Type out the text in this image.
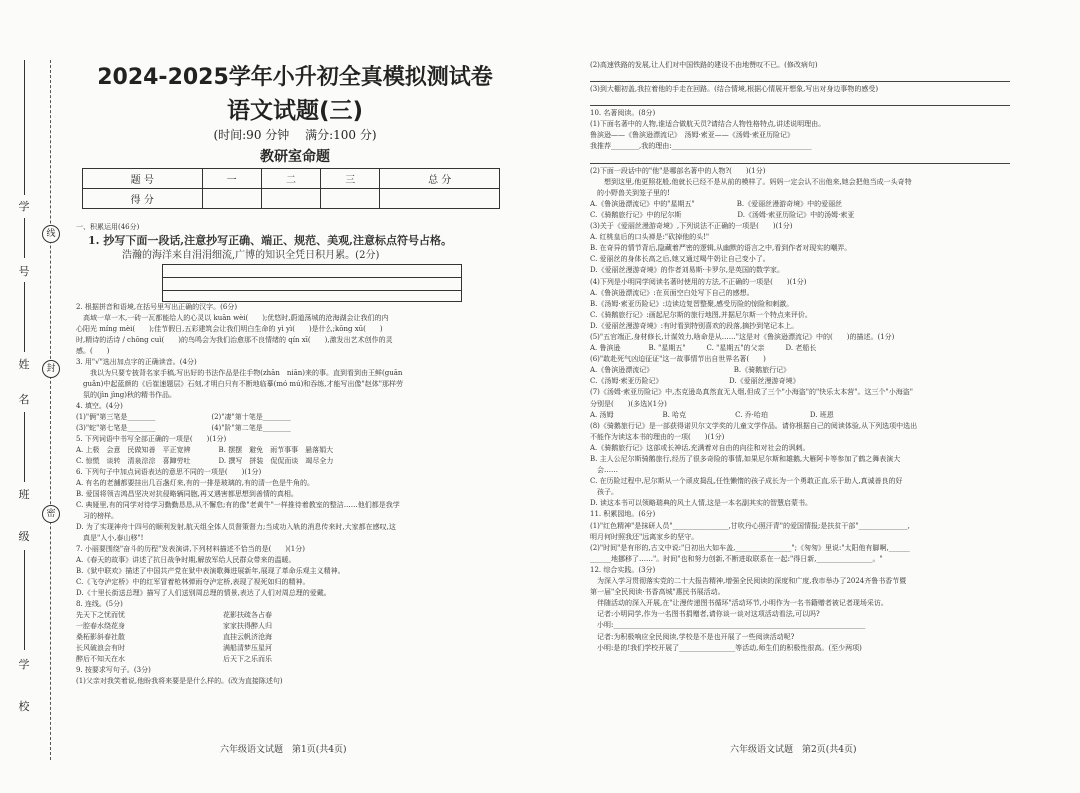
学
号
线
姓
名
封
班
级
密
学
校
2024-2025学年小升初全真模拟测试卷
语文试题(三)
(时间:90 分钟　 满分:100 分)
教研室命题
题 号	一	二	三	总 分
得 分				

一、积累运用(46分)

1. 抄写下面一段话,注意抄写正确、端正、规范、美观,注意标点符号占格。

浩瀚的海洋来自涓涓细流,广博的知识全凭日积月累。(2分)

2. 根据拼音和语境,在括号里写出正确的汉字。(6分)

　高域一草一木,一砖一瓦都能给人的心灵以 kuān wèi(　　);优悠时,蔚道荡城的沧海湖会让我们的内

心阳光 míng mèi(　　);佳节假日,五彩建筑会让我们明白生命的 yì yì(　　)是什么;kōng xū(　　)

时,精诗的活诗 / chōng cuì(　　)的鸟鸣会为我们治愈那不良情绪的 qín xī(　　),激发出艺术创作的灵

感。(　　)

3. 用"√"选出加点字的正确读音。(4分)

　　我以为只要专披背名家手稿,写出好的书法作品是往手物(zhān　niān)来的事。直到看到由王鲜(guān

　guǎn)中起蓝颜的《后崔速题层》石刻,才明白只有不断地临摹(mó mú)和吞练,才能写出像"赵体"那样劳

　氛的(jìn jìng)秋的精书作品。

4. 填空。(4分)

(1)"俩"第三笔是________　　　　　　　　(2)"凄"第十笔是________

(3)"蛇"第七笔是________　　　　　　　　(4)"阶"第二笔是________

5. 下列词语中书写全部正确的一项是(　　)(1分)

A. 上极　会意　民做知善　平正宽辨　　　　B. 摆摆　避免　雨节事事　悬落娟大

C. 惊慌　谈转　清泉淙淙　喜蹿劳吐　　　　D. 撰写　拼装　侃侃而谈　竭尽全力

6. 下列句子中加点词语表达的意思不同的一项是(　　)(1分)

A. 有名的老舗都要挂出几百盏灯来,有的一排是玻璃的,有的清一色是牛角的。

B. 爱国将领吉鸿昌坚决对抗侵略辆同胞,再又遇害都思想到善情的真相。

C. 典娅里,有的同学对待学习勤勤恳恳,从不懈怠;有的像"老黄牛"一样推待着教室的整洁……他们都是我学

　习的榜样。

D. 为了实现神舟十四号的顺利发射,航天组全体人员督策督力;当成功入轨的消息传来时,大家都在感叹,这

　真是"人小,泰山移"!

7. 小丽要围绕"奋斗的历程"发表演讲,下列材料描述不恰当的是(　　)(1分)

A.《春天的故事》讲述了抗日战争时期,解放军给人民群众带来的温暖。

B.《狱中联欢》描述了中国共产党在狱中表演歌舞进展新年,展现了革命乐观主义精神。

C.《飞夺泸定桥》中的红军冒着枪林弹雨夺泸定桥,表现了视死如归的精神。

D.《十里长街送总理》描写了人们送别周总理的情景,表达了人们对周总理的爱戴。

8. 连线。(5分)

先天下之忧而忧　　　　　　　　　　　　　　花影扶疏各占春

一腔春水绕花身　　　　　　　　　　　　　　家家扶得醉人归

桑柘影斜春社散　　　　　　　　　　　　　　直挂云帆济沧海

长风破浪会有时　　　　　　　　　　　　　　满船清梦压星河

醉后不知天在水　　　　　　　　　　　　　　后天下之乐而乐

9. 按要求写句子。(3分)

(1)父亲对我笑着说,他盼我将来要是是什么样的。(改为直接陈述句)

六年级语文试题　第1页(共4页)

(2)高速铁路的发展,让人们对中国铁路的建设不由地赞叹不已。(修改病句)

(3)到大棚初盖,我拉着他的手走在回路。(结合情境,根据心情展开想象,写出对身边事物的感受)

10. 名著阅读。(8分)

(1)下面名著中的人物,谁适合做航天员?请结合人物性格特点,讲述说明理由。

鲁滨逊——《鲁滨逊漂流记》　汤姆·索亚——《汤姆·索亚历险记》

我推荐________,我的理由:________________________________________

(2)下面一段话中的"他"是哪部名著中的人物?(　　)(1分)

　　想到这里,他更照花般,他就长已经不是从前的模样了。妈妈一定会认不出他来,她会把他当成一头奇特

　的小野兽关到笼子里的!

A.《鲁滨逊漂流记》中的"星期五"　　　　　　B.《爱丽丝漫游奇境》中的爱丽丝

C.《骑鹅旅行记》中的尼尔斯　　　　　　　　D.《汤姆·索亚历险记》中的汤姆·索亚

(3)关于《爱丽丝漫游奇境》,下列说法不正确的一项是(　　)(1分)

A. 红桃皇后的口头禅是:"砍掉他的头!"

B. 在奇异的情节背后,隐藏着严密的逻辑,从幽默的语言之中,看到作者对现实的嘲弄。

C. 爱丽丝的身体长高之后,她又通过喝牛奶让自己变小了。

D.《爱丽丝漫游奇境》的作者刘易斯·卡罗尔,是英国的数学家。

(4)下列是小明同学阅读名著时使用的方法,不正确的一项是(　　)(1分)

A.《鲁滨逊漂流记》:在页面空白处写下自己的感想。

B.《汤姆·索亚历险记》:边读边复習整聚,感受历险的惊险和刺激。

C.《骑鹅旅行记》:画起尼尔斯的旅行地图,并据尼尔斯一个特点来评价。

D.《爱丽丝漫游奇境》:有时看到特别喜欢的段落,摘抄到笔记本上。

(5)"五官端正,身材修长,计谋效力,啥命是从……"这是对《鲁滨逊漂流记》中的(　　)的描述。(1分)

A. 鲁滨逊　　　　B. "星期五"　　　C. "星期五"的父亲　　　D. 老船长

(6)"敢赴死气凶迫征证"这一故事情节出自世界名著(　　)

A.《鲁滨逊漂流记》　　　　　　　　　　　　B.《骑鹅旅行记》

C.《汤姆·索亚历险记》　　　　　　　　　　D.《爱丽丝漫游奇境》

(7)《汤姆·索亚历险记》中,杰克逊岛真然直无人烟,但成了三个"小海盗"的"快乐太本营"。这三个"小海盗"

分别是(　　)(多选)(1分)

A. 汤姆　　　　　　　B. 哈克　　　　　　　C. 乔·哈珀　　　　　　D. 班恩

(8)《骑鹅旅行记》是一部获得诺贝尔文学奖的儿童文学作品。请你根据自己的阅读体验,从下列选项中选出

不能作为读这本书的理由的一项(　　)(1分)

A.《骑鹅旅行记》这部或长神话,充满着对自由的向往和对社会的讽刺。

B. 主人公尼尔斯骑鹅旅行,经历了很多奇险的事情,如果尼尔斯和雄鹅,大雁阿卡等参加了鹤之舞表演大

　会……

C. 在历险过程中,尼尔斯从一个顽皮捣乱,任性懒惰的孩子成长为一个勇敢正直,乐于助人,真诚善良的好

　孩子。

D. 读这本书可以领略瑞典的风土人情,这是一本名副其实的智慧启蒙书。

11. 积累园地。(6分)

(1)"红色精神"是抹研人员"________________,甘吹丹心照汗青"的爱国情报;是扶贫干部"______________,

明月何时照我还"远离家乡的坚守。

(2)"时间"是有形的,古文中说:"日初出大如车盖,________________";《匆匆》里说:"太阳他有脚啊,______

______地挪移了……"。时间"也和努力创新,不断进取联系在一起:"得日新,________________。"

12. 综合实践。(3分)

　为深入学习贯彻落实党的二十大报告精神,增强全民阅读的深度和广度,我市举办了2024齐鲁书香节暨

第一届"全民阅读·书香高城"惠民书展活动。

　伴随活动的深入开展,在"让漫传递图书循环"活动环节,小明作为一名书籍赠者被记者现场采访。

　记者:小明同学,作为一名图书捐赠者,请你谈一谈对这项活动看法,可以吗?

　小明:________________________________________________________________________

　记者:为积极响应全民阅读,学校是不是也开展了一些阅读活动呢?

　小明:是的!我们学校开展了________________等活动,师生们的积极性很高。(至少两项)

六年级语文试题　第2页(共4页)
